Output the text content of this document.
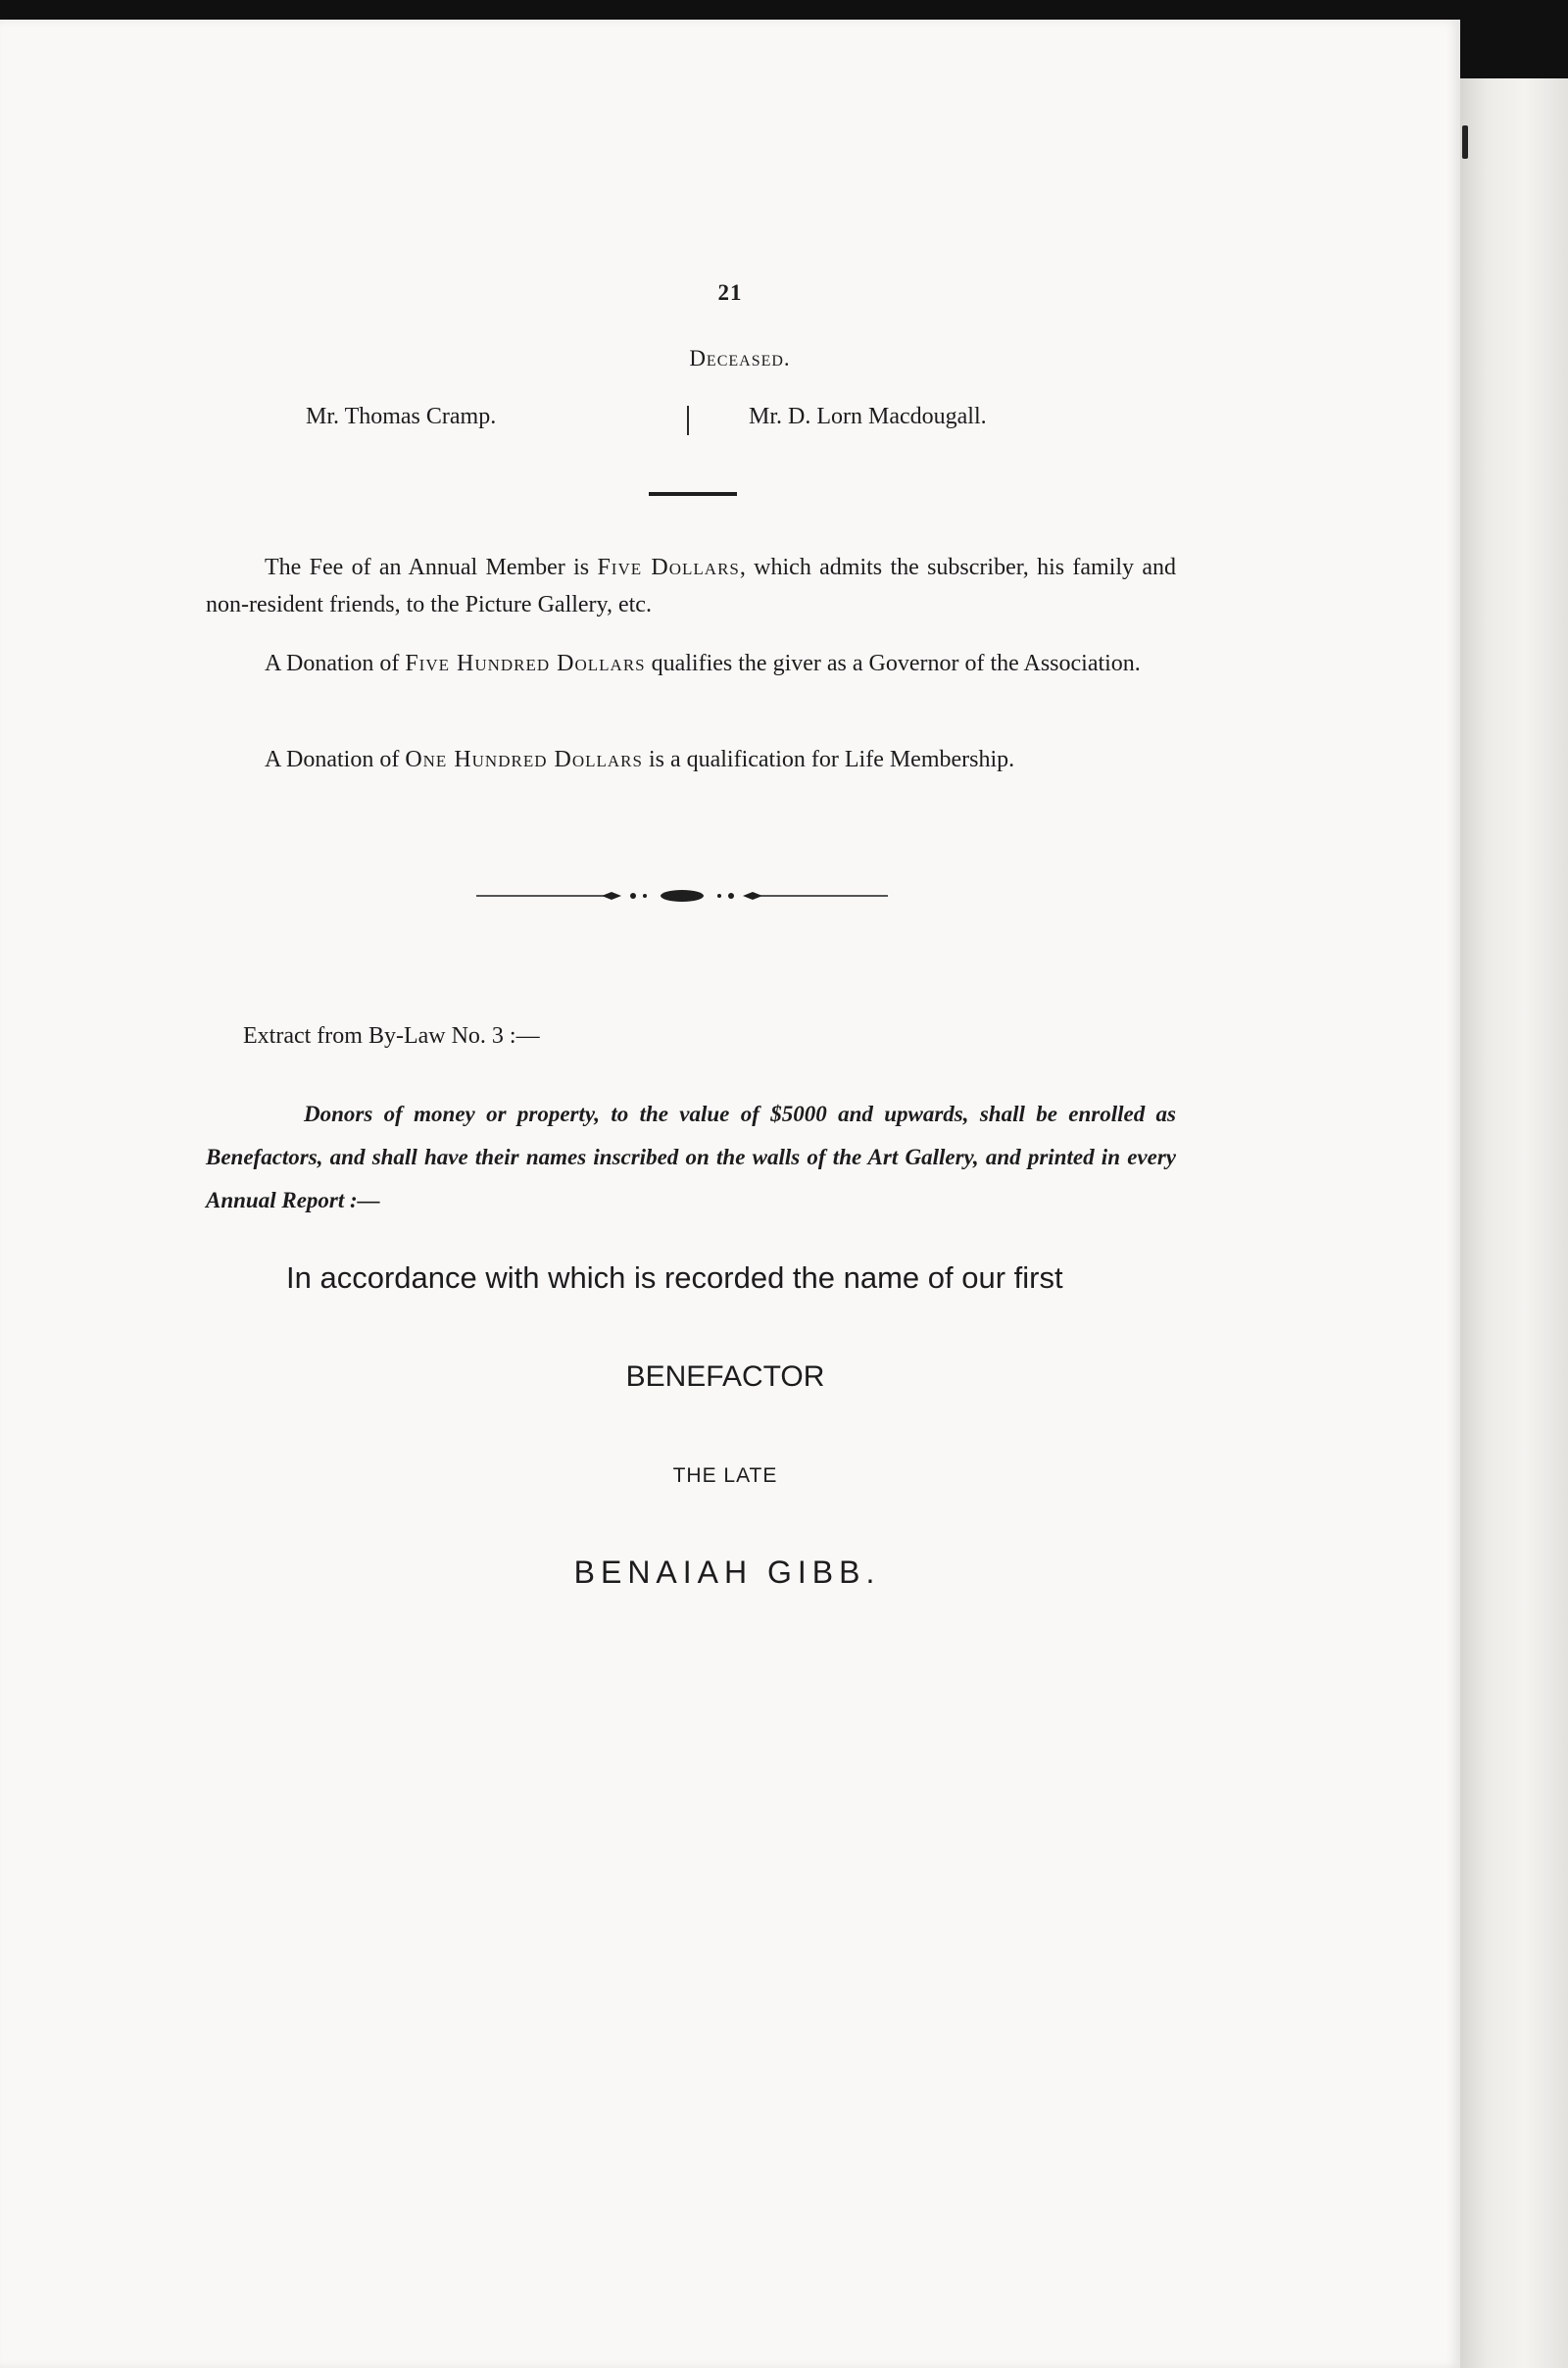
21
Deceased.
Mr. Thomas Cramp.	Mr. D. Lorn Macdougall.

The Fee of an Annual Member is Five Dollars, which admits the subscriber, his family and non-resident friends, to the Picture Gallery, etc.

A Donation of Five Hundred Dollars qualifies the giver as a Governor of the Association.

A Donation of One Hundred Dollars is a qualification for Life Membership.

Extract from By-Law No. 3 :—

Donors of money or property, to the value of $5000 and upwards, shall be enrolled as Benefactors, and shall have their names inscribed on the walls of the Art Gallery, and printed in every Annual Report :—

In accordance with which is recorded the name of our first
BENEFACTOR
THE LATE
BENAIAH GIBB.
